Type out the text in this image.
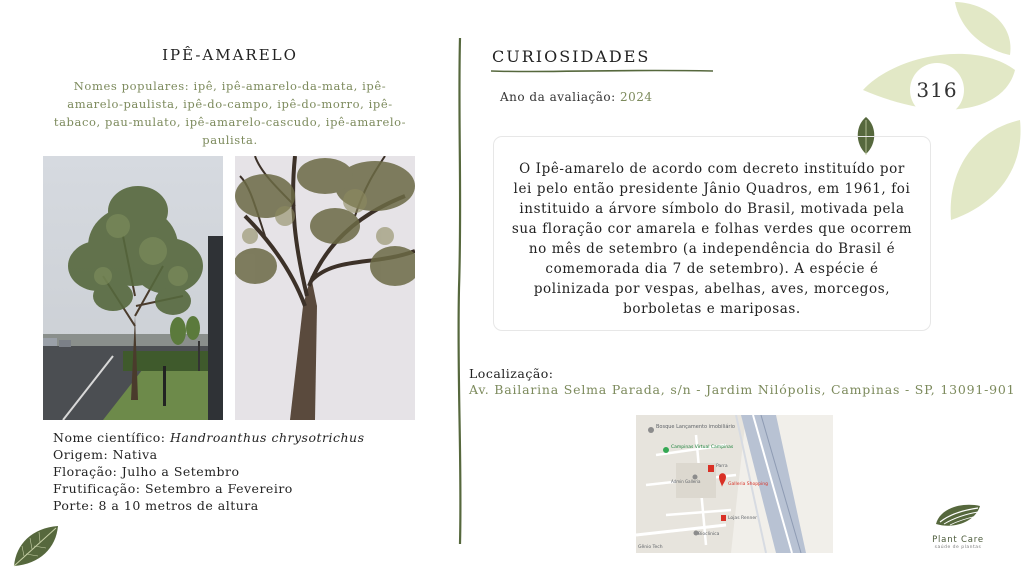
IPÊ-AMARELO
Nomes populares: ipê, ipê-amarelo-da-mata, ipê-amarelo-paulista, ipê-do-campo, ipê-do-morro, ipê-tabaco, pau-mulato, ipê-amarelo-cascudo, ipê-amarelo-paulista.
Nome científico: Handroanthus chrysotrichus
Origem: Nativa
Floração: Julho a Setembro
Frutificação: Setembro a Fevereiro
Porte: 8 a 10 metros de altura
CURIOSIDADES
Ano da avaliação: 2024	316
O Ipê-amarelo de acordo com decreto instituído por lei pelo então presidente Jânio Quadros, em 1961, foi instituido a árvore símbolo do Brasil, motivada pela sua floração cor amarela e folhas verdes que ocorrem no mês de setembro (a independência do Brasil é comemorada dia 7 de setembro). A espécie é polinizada por vespas, abelhas, aves, morcegos, borboletas e mariposas.
Localização:
Av. Bailarina Selma Parada, s/n - Jardim Nilópolis, Campinas - SP, 13091-901
Bosque Lançamento imobiliário
Campinas Virtual Campinas
Parra
Galleria Shopping
Admin Galleria
Lojas Renner
Bioclinica
Gênio Tech
Plant Care
saúde de plantas
